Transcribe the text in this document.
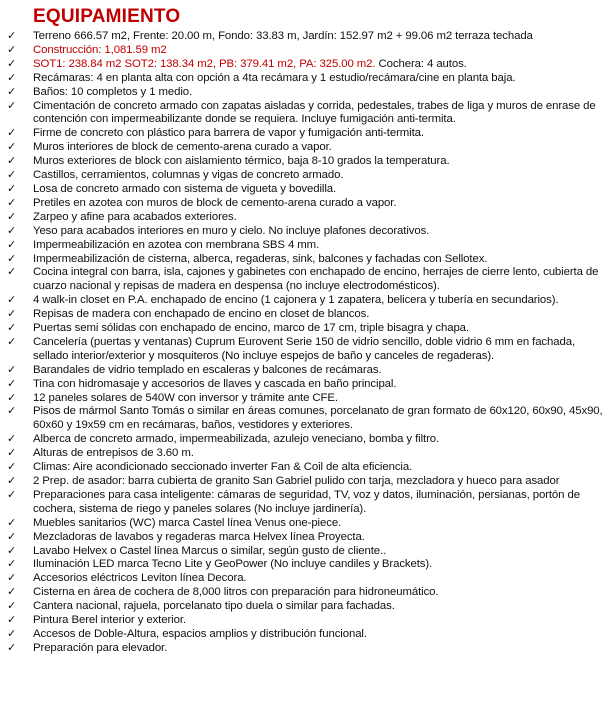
EQUIPAMIENTO
✓	Terreno 666.57 m2, Frente: 20.00 m, Fondo: 33.83 m, Jardín: 152.97 m2 + 99.06 m2 terraza techada
✓	Construcción: 1,081.59 m2
✓	SOT1: 238.84 m2 SOT2: 138.34 m2, PB: 379.41 m2, PA: 325.00 m2. Cochera: 4 autos.
✓	Recámaras: 4 en planta alta con opción a 4ta recámara y 1 estudio/recámara/cine en planta baja.
✓	Baños: 10 completos y 1 medio.
✓	Cimentación de concreto armado con zapatas aisladas y corrida, pedestales, trabes de liga y muros de enrase de contención con impermeabilizante donde se requiera. Incluye fumigación anti-termita.
✓	Firme de concreto con plástico para barrera de vapor y fumigación anti-termita.
✓	Muros interiores de block de cemento-arena curado a vapor.
✓	Muros exteriores de block con aislamiento térmico, baja 8-10 grados la temperatura.
✓	Castillos, cerramientos, columnas y vigas de concreto armado.
✓	Losa de concreto armado con sistema de vigueta y bovedilla.
✓	Pretiles en azotea con muros de block de cemento-arena curado a vapor.
✓	Zarpeo y afine para acabados exteriores.
✓	Yeso para acabados interiores en muro y cielo. No incluye plafones decorativos.
✓	Impermeabilización en azotea con membrana SBS 4 mm.
✓	Impermeabilización de cisterna, alberca, regaderas, sink, balcones y fachadas con Sellotex.
✓	Cocina integral con barra, isla, cajones y gabinetes con enchapado de encino, herrajes de cierre lento, cubierta de cuarzo nacional y repisas de madera en despensa (no incluye electrodomésticos).
✓	4 walk-in closet en P.A. enchapado de encino (1 cajonera y 1 zapatera, belicera y tubería en secundarios).
✓	Repisas de madera con enchapado de encino en closet de blancos.
✓	Puertas semi sólidas con enchapado de encino, marco de 17 cm, triple bisagra y chapa.
✓	Cancelería (puertas y ventanas) Cuprum Eurovent Serie 150 de vidrio sencillo, doble vidrio 6 mm en fachada, sellado interior/exterior y mosquiteros (No incluye espejos de baño y canceles de regaderas).
✓	Barandales de vidrio templado en escaleras y balcones de recámaras.
✓	Tina con hidromasaje y accesorios de llaves y cascada en baño principal.
✓	12 paneles solares de 540W con inversor y trámite ante CFE.
✓	Pisos de mármol Santo Tomás o similar en áreas comunes, porcelanato de gran formato de 60x120, 60x90, 45x90, 60x60 y 19x59 cm en recámaras, baños, vestidores y exteriores.
✓	Alberca de concreto armado, impermeabilizada, azulejo veneciano, bomba y filtro.
✓	Alturas de entrepisos de 3.60 m.
✓	Climas: Aire acondicionado seccionado inverter Fan & Coil de alta eficiencia.
✓	2 Prep. de asador: barra cubierta de granito San Gabriel pulido con tarja, mezcladora y hueco para asador
✓	Preparaciones para casa inteligente: cámaras de seguridad, TV, voz y datos, iluminación, persianas, portón de cochera, sistema de riego y paneles solares (No incluye jardinería).
✓	Muebles sanitarios (WC) marca Castel línea Venus one-piece.
✓	Mezcladoras de lavabos y regaderas marca Helvex línea Proyecta.
✓	Lavabo Helvex o Castel línea Marcus o similar, según gusto de cliente..
✓	Iluminación LED marca Tecno Lite y GeoPower (No incluye candiles y Brackets).
✓	Accesorios eléctricos Leviton línea Decora.
✓	Cisterna en área de cochera de 8,000 litros con preparación para hidroneumático.
✓	Cantera nacional, rajuela, porcelanato tipo duela o similar para fachadas.
✓	Pintura Berel interior y exterior.
✓	Accesos de Doble-Altura, espacios amplios y distribución funcional.
✓	Preparación para elevador.
